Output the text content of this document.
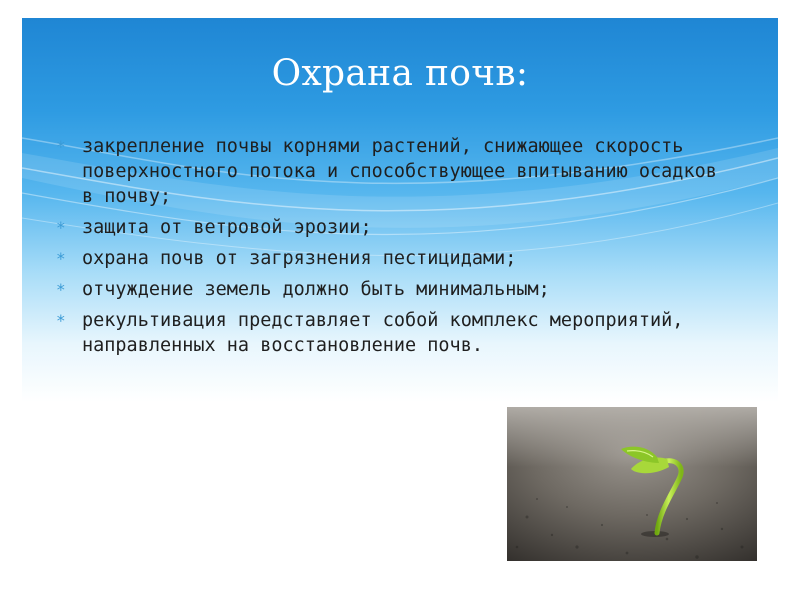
Охрана почв:
* закрепление почвы корнями растений, снижающее скорость поверхностного потока и способствующее впитыванию осадков в почву;
* защита от ветровой эрозии;
* охрана почв от загрязнения пестицидами;
* отчуждение земель должно быть минимальным;
* рекультивация представляет собой комплекс мероприятий, направленных на восстановление почв.
